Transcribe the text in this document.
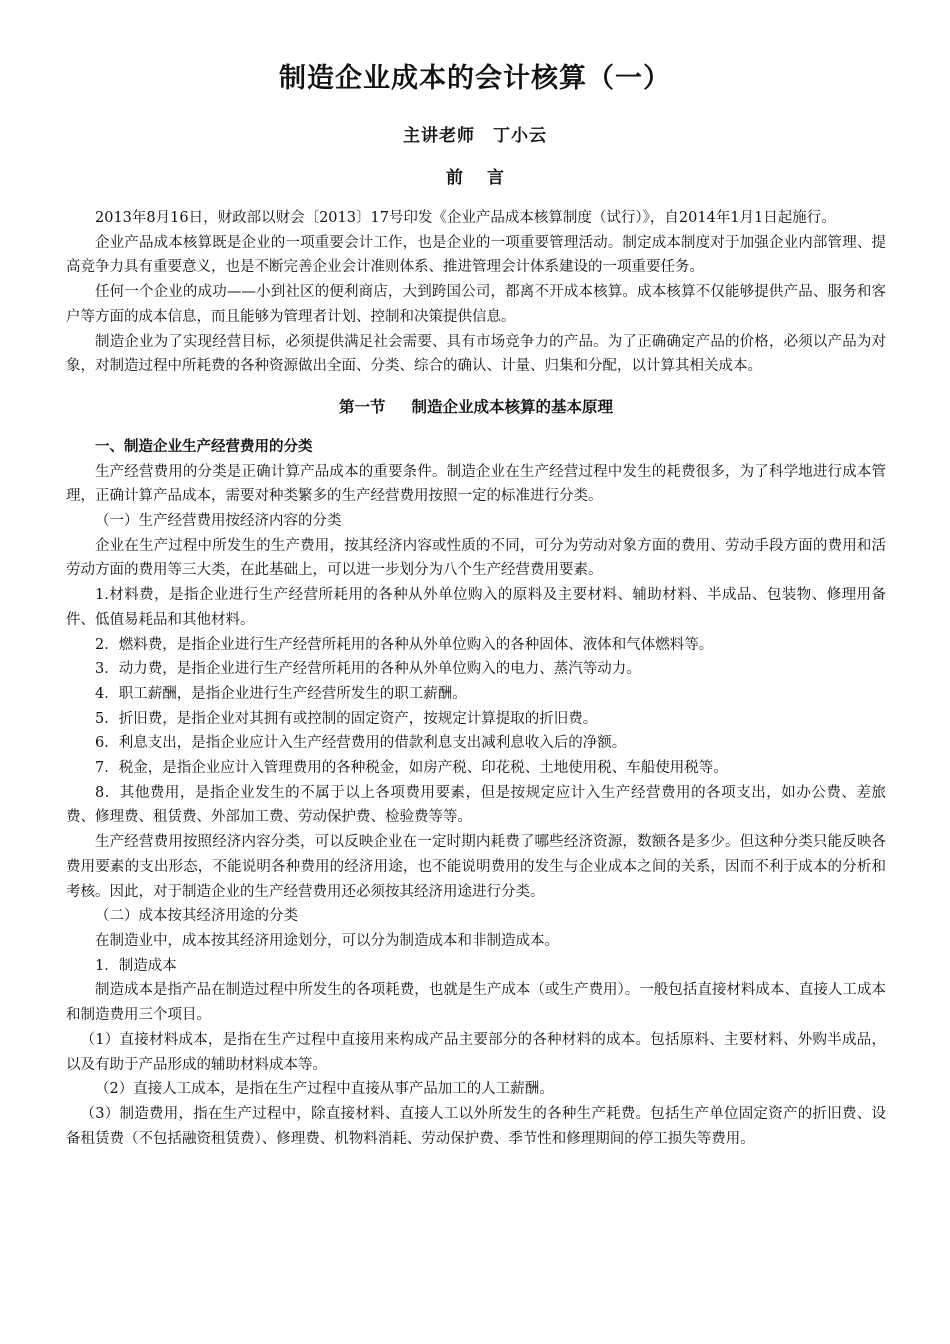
制造企业成本的会计核算（一）
主讲老师　丁小云
前言

2013年8月16日，财政部以财会〔2013〕17号印发《企业产品成本核算制度（试行）》，自2014年1月1日起施行。

企业产品成本核算既是企业的一项重要会计工作，也是企业的一项重要管理活动。制定成本制度对于加强企业内部管理、提高竞争力具有重要意义，也是不断完善企业会计准则体系、推进管理会计体系建设的一项重要任务。

任何一个企业的成功——小到社区的便利商店，大到跨国公司，都离不开成本核算。成本核算不仅能够提供产品、服务和客户等方面的成本信息，而且能够为管理者计划、控制和决策提供信息。

制造企业为了实现经营目标，必须提供满足社会需要、具有市场竞争力的产品。为了正确确定产品的价格，必须以产品为对象，对制造过程中所耗费的各种资源做出全面、分类、综合的确认、计量、归集和分配，以计算其相关成本。

第一节 制造企业成本核算的基本原理

一、制造企业生产经营费用的分类

生产经营费用的分类是正确计算产品成本的重要条件。制造企业在生产经营过程中发生的耗费很多，为了科学地进行成本管理，正确计算产品成本，需要对种类繁多的生产经营费用按照一定的标准进行分类。

（一）生产经营费用按经济内容的分类

企业在生产过程中所发生的生产费用，按其经济内容或性质的不同，可分为劳动对象方面的费用、劳动手段方面的费用和活劳动方面的费用等三大类，在此基础上，可以进一步划分为八个生产经营费用要素。

1.材料费，是指企业进行生产经营所耗用的各种从外单位购入的原料及主要材料、辅助材料、半成品、包装物、修理用备件、低值易耗品和其他材料。

2．燃料费，是指企业进行生产经营所耗用的各种从外单位购入的各种固体、液体和气体燃料等。

3．动力费，是指企业进行生产经营所耗用的各种从外单位购入的电力、蒸汽等动力。

4．职工薪酬，是指企业进行生产经营所发生的职工薪酬。

5．折旧费，是指企业对其拥有或控制的固定资产，按规定计算提取的折旧费。

6．利息支出，是指企业应计入生产经营费用的借款利息支出减利息收入后的净额。

7．税金，是指企业应计入管理费用的各种税金，如房产税、印花税、土地使用税、车船使用税等。

8．其他费用，是指企业发生的不属于以上各项费用要素，但是按规定应计入生产经营费用的各项支出，如办公费、差旅费、修理费、租赁费、外部加工费、劳动保护费、检验费等等。

生产经营费用按照经济内容分类，可以反映企业在一定时期内耗费了哪些经济资源，数额各是多少。但这种分类只能反映各费用要素的支出形态，不能说明各种费用的经济用途，也不能说明费用的发生与企业成本之间的关系，因而不利于成本的分析和考核。因此，对于制造企业的生产经营费用还必须按其经济用途进行分类。

（二）成本按其经济用途的分类

在制造业中，成本按其经济用途划分，可以分为制造成本和非制造成本。

1．制造成本

制造成本是指产品在制造过程中所发生的各项耗费，也就是生产成本（或生产费用）。一般包括直接材料成本、直接人工成本和制造费用三个项目。

（1）直接材料成本，是指在生产过程中直接用来构成产品主要部分的各种材料的成本。包括原料、主要材料、外购半成品，以及有助于产品形成的辅助材料成本等。

（2）直接人工成本，是指在生产过程中直接从事产品加工的人工薪酬。

（3）制造费用，指在生产过程中，除直接材料、直接人工以外所发生的各种生产耗费。包括生产单位固定资产的折旧费、设备租赁费（不包括融资租赁费）、修理费、机物料消耗、劳动保护费、季节性和修理期间的停工损失等费用。
